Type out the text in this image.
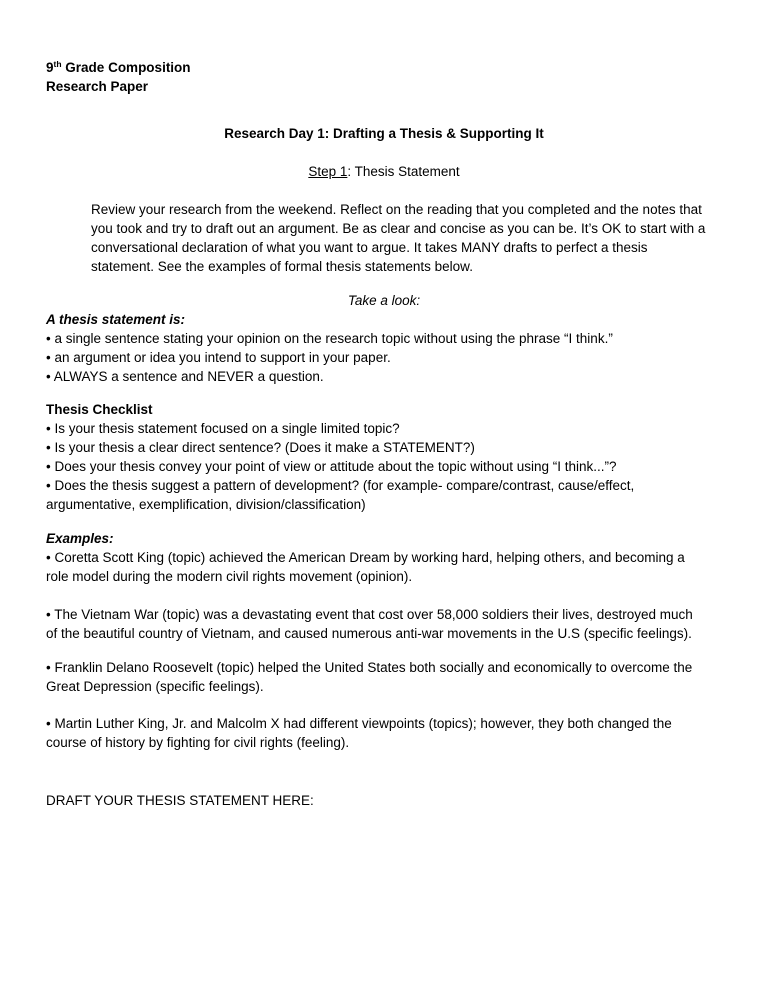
9th Grade Composition
Research Paper
Research Day 1: Drafting a Thesis & Supporting It
Step 1: Thesis Statement
Review your research from the weekend. Reflect on the reading that you completed and the notes that
you took and try to draft out an argument. Be as clear and concise as you can be. It’s OK to start with a
conversational declaration of what you want to argue. It takes MANY drafts to perfect a thesis
statement. See the examples of formal thesis statements below.
Take a look:
A thesis statement is:
• a single sentence stating your opinion on the research topic without using the phrase “I think.”
• an argument or idea you intend to support in your paper.
• ALWAYS a sentence and NEVER a question.
Thesis Checklist
• Is your thesis statement focused on a single limited topic?
• Is your thesis a clear direct sentence? (Does it make a STATEMENT?)
• Does your thesis convey your point of view or attitude about the topic without using “I think...”?
• Does the thesis suggest a pattern of development? (for example- compare/contrast, cause/effect,
argumentative, exemplification, division/classification)
Examples:
• Coretta Scott King (topic) achieved the American Dream by working hard, helping others, and becoming a
role model during the modern civil rights movement (opinion).
• The Vietnam War (topic) was a devastating event that cost over 58,000 soldiers their lives, destroyed much
of the beautiful country of Vietnam, and caused numerous anti-war movements in the U.S (specific feelings).
• Franklin Delano Roosevelt (topic) helped the United States both socially and economically to overcome the
Great Depression (specific feelings).
• Martin Luther King, Jr. and Malcolm X had different viewpoints (topics); however, they both changed the
course of history by fighting for civil rights (feeling).
DRAFT YOUR THESIS STATEMENT HERE:
